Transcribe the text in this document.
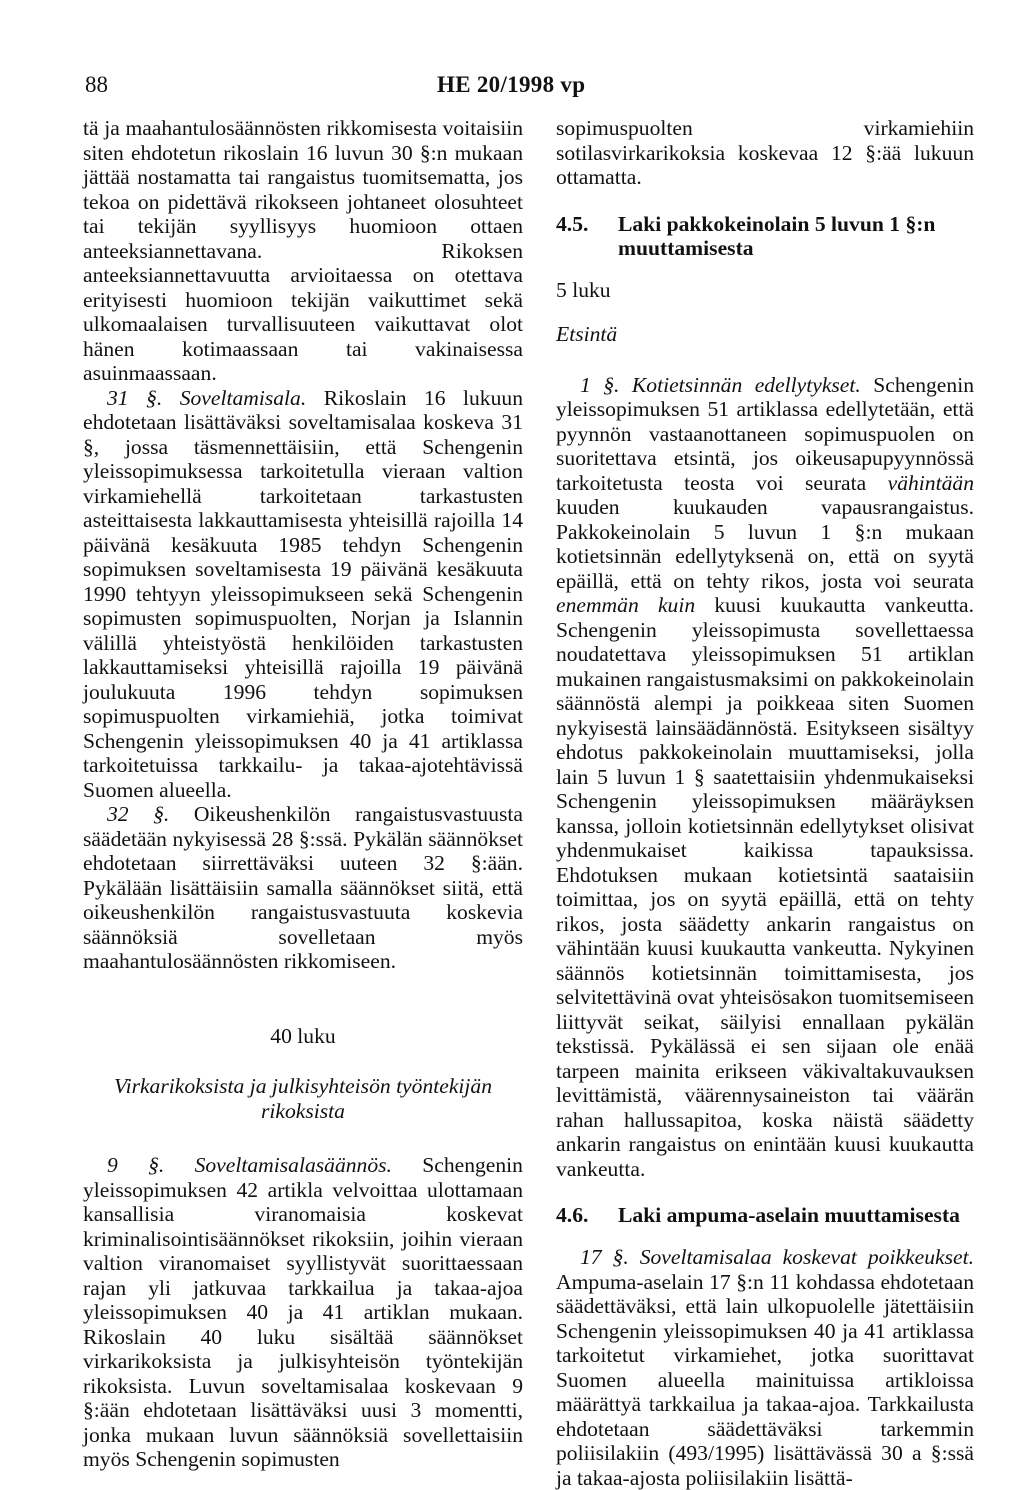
88	HE 20/1998 vp

tä ja maahantulosäännösten rikkomisesta voitaisiin siten ehdotetun rikoslain 16 luvun 30 §:n mukaan jättää nostamatta tai rangaistus tuomitsematta, jos tekoa on pidettävä rikokseen johtaneet olosuhteet tai tekijän syyllisyys huomioon ottaen anteeksiannettavana. Rikoksen anteeksiannettavuutta arvioitaessa on otettava erityisesti huomioon tekijän vaikuttimet sekä ulkomaalaisen turvallisuuteen vaikuttavat olot hänen kotimaassaan tai vakinaisessa asuinmaassaan.

31 §. Soveltamisala. Rikoslain 16 lukuun ehdotetaan lisättäväksi soveltamisalaa koskeva 31 §, jossa täsmennettäisiin, että Schengenin yleissopimuksessa tarkoitetulla vieraan valtion virkamiehellä tarkoitetaan tarkastusten asteittaisesta lakkauttamisesta yhteisillä rajoilla 14 päivänä kesäkuuta 1985 tehdyn Schengenin sopimuksen soveltamisesta 19 päivänä kesäkuuta 1990 tehtyyn yleissopimukseen sekä Schengenin sopimusten sopimuspuolten, Norjan ja Islannin välillä yhteistyöstä henkilöiden tarkastusten lakkauttamiseksi yhteisillä rajoilla 19 päivänä joulukuuta 1996 tehdyn sopimuksen sopimuspuolten virkamiehiä, jotka toimivat Schengenin yleissopimuksen 40 ja 41 artiklassa tarkoitetuissa tarkkailu- ja takaa-ajotehtävissä Suomen alueella.

32 §. Oikeushenkilön rangaistusvastuusta säädetään nykyisessä 28 §:ssä. Pykälän säännökset ehdotetaan siirrettäväksi uuteen 32 §:ään. Pykälään lisättäisiin samalla säännökset siitä, että oikeushenkilön rangaistusvastuuta koskevia säännöksiä sovelletaan myös maahantulosäännösten rikkomiseen.

40 luku
Virkarikoksista ja julkisyhteisön työntekijän rikoksista

9 §. Soveltamisalasäännös. Schengenin yleissopimuksen 42 artikla velvoittaa ulottamaan kansallisia viranomaisia koskevat kriminalisointisäännökset rikoksiin, joihin vieraan valtion viranomaiset syyllistyvät suorittaessaan rajan yli jatkuvaa tarkkailua ja takaa-ajoa yleissopimuksen 40 ja 41 artiklan mukaan. Rikoslain 40 luku sisältää säännökset virkarikoksista ja julkisyhteisön työntekijän rikoksista. Luvun soveltamisalaa koskevaan 9 §:ään ehdotetaan lisättäväksi uusi 3 momentti, jonka mukaan luvun säännöksiä sovellettaisiin myös Schengenin sopimusten

sopimuspuolten virkamiehiin sotilasvirkarikoksia koskevaa 12 §:ää lukuun ottamatta.

4.5.	Laki pakkokeinolain 5 luvun 1 §:n muuttamisesta
5 luku
Etsintä

1 §. Kotietsinnän edellytykset. Schengenin yleissopimuksen 51 artiklassa edellytetään, että pyynnön vastaanottaneen sopimuspuolen on suoritettava etsintä, jos oikeusapupyynnössä tarkoitetusta teosta voi seurata vähintään kuuden kuukauden vapausrangaistus. Pakkokeinolain 5 luvun 1 §:n mukaan kotietsinnän edellytyksenä on, että on syytä epäillä, että on tehty rikos, josta voi seurata enemmän kuin kuusi kuukautta vankeutta. Schengenin yleissopimusta sovellettaessa noudatettava yleissopimuksen 51 artiklan mukainen rangaistusmaksimi on pakkokeinolain säännöstä alempi ja poikkeaa siten Suomen nykyisestä lainsäädännöstä. Esitykseen sisältyy ehdotus pakkokeinolain muuttamiseksi, jolla lain 5 luvun 1 § saatettaisiin yhdenmukaiseksi Schengenin yleissopimuksen määräyksen kanssa, jolloin kotietsinnän edellytykset olisivat yhdenmukaiset kaikissa tapauksissa. Ehdotuksen mukaan kotietsintä saataisiin toimittaa, jos on syytä epäillä, että on tehty rikos, josta säädetty ankarin rangaistus on vähintään kuusi kuukautta vankeutta. Nykyinen säännös kotietsinnän toimittamisesta, jos selvitettävinä ovat yhteisösakon tuomitsemiseen liittyvät seikat, säilyisi ennallaan pykälän tekstissä. Pykälässä ei sen sijaan ole enää tarpeen mainita erikseen väkivaltakuvauksen levittämistä, väärennysaineiston tai väärän rahan hallussapitoa, koska näistä säädetty ankarin rangaistus on enintään kuusi kuukautta vankeutta.

4.6.	Laki ampuma-aselain muuttamisesta

17 §. Soveltamisalaa koskevat poikkeukset. Ampuma-aselain 17 §:n 11 kohdassa ehdotetaan säädettäväksi, että lain ulkopuolelle jätettäisiin Schengenin yleissopimuksen 40 ja 41 artiklassa tarkoitetut virkamiehet, jotka suorittavat Suomen alueella mainituissa artikloissa määrättyä tarkkailua ja takaa-ajoa. Tarkkailusta ehdotetaan säädettäväksi tarkemmin poliisilakiin (493/1995) lisättävässä 30 a §:ssä ja takaa-ajosta poliisilakiin lisättä-
